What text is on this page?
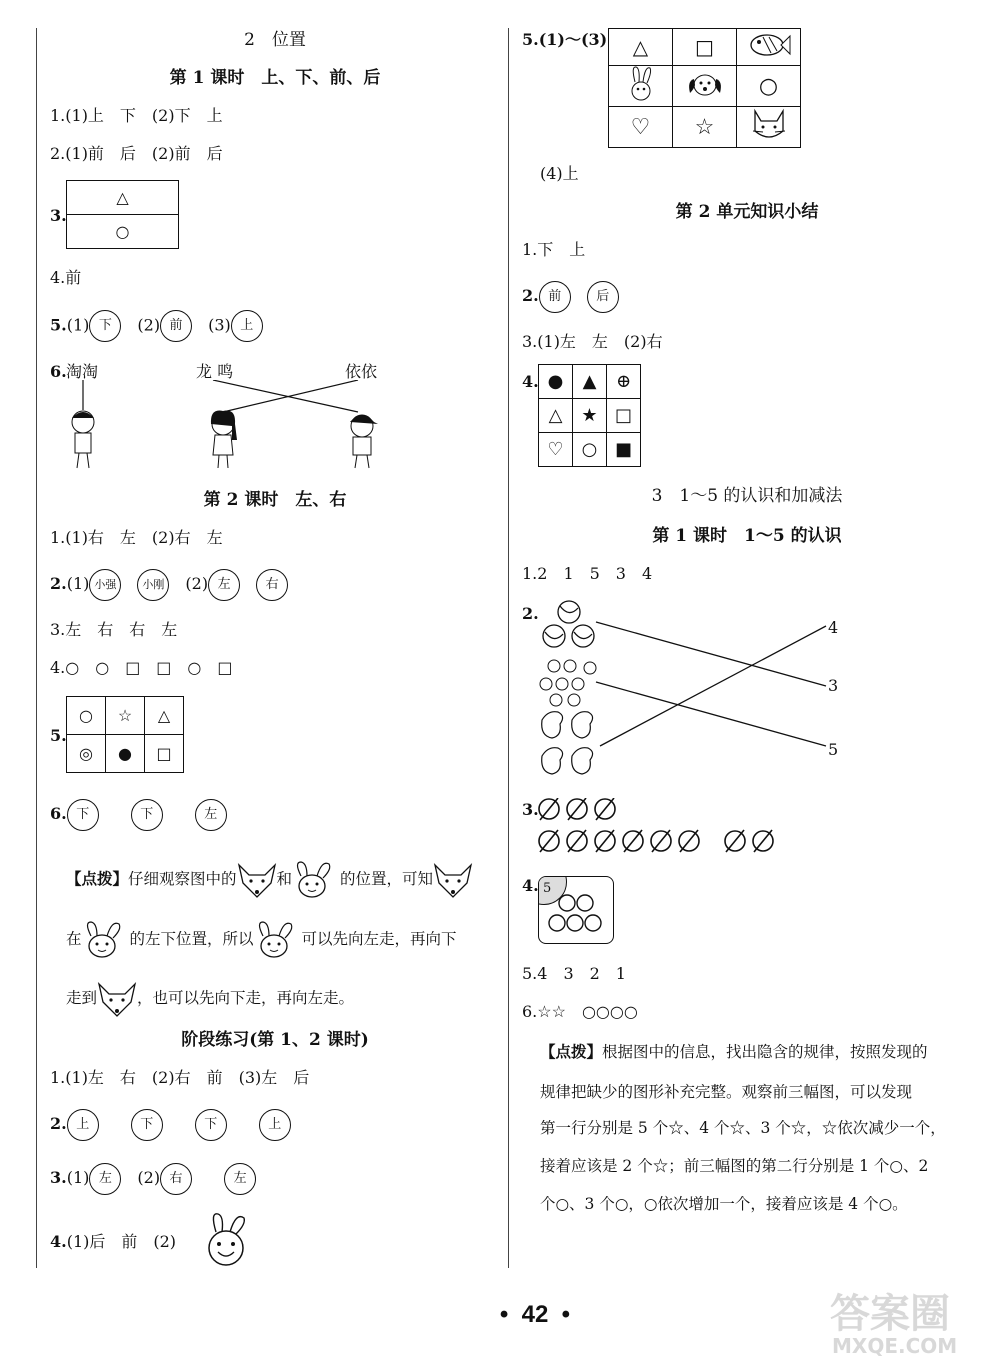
2　位置
第 1 课时　上、下、前、后
1.(1)上　下　(2)下　上
2.(1)前　后　(2)前　后
3.
△
○
4.前
5.(1) 下　 (2) 前　 (3) 上
6. 淘淘	龙 鸣	依依
第 2 课时　左、右
1.(1)右　左　(2)右　左
2.(1) 小强　 小刚　 (2) 左　	右
3.左　右　右　左
4.○　○　□　□　○　□
5.
○	☆	△
◎	●	□
6. 下　　	下　　	左
【点拨】仔细观察图中的	和	的位置，可知
在	的左下位置，所以	可以先向左走，再向下
走到	，也可以先向下走，再向左走。
阶段练习(第 1、2 课时)
1.(1)左　右　(2)右　前　(3)左　后
2. 上　　	下　　	下　　	上
3.(1) 左　 (2) 右　　	左
4.(1)后　前　(2)
5.(1)～(3) △	□	
		○
♡	☆	
(4)上
第 2 单元知识小结
1.下　上
2. 前　	后
3.(1)左　左　(2)右
4. ●	▲	⊕
△	★	□
♡	○	■
3　1～5 的认识和加减法
第 1 课时　1～5 的认识
1.2　1　5　3　4
2.
4
3
5
3.
4. 5
5.4　3　2　1
6.☆☆　○○○○
【点拨】根据图中的信息，找出隐含的规律，按照发现的
规律把缺少的图形补充完整。观察前三幅图，可以发现
第一行分别是 5 个☆、4 个☆、3 个☆，☆依次减少一个，
接着应该是 2 个☆；前三幅图的第二行分别是 1 个○、2
个○、3 个○，○依次增加一个，接着应该是 4 个○。
•  42  •	答案圈
MXQE.COM
